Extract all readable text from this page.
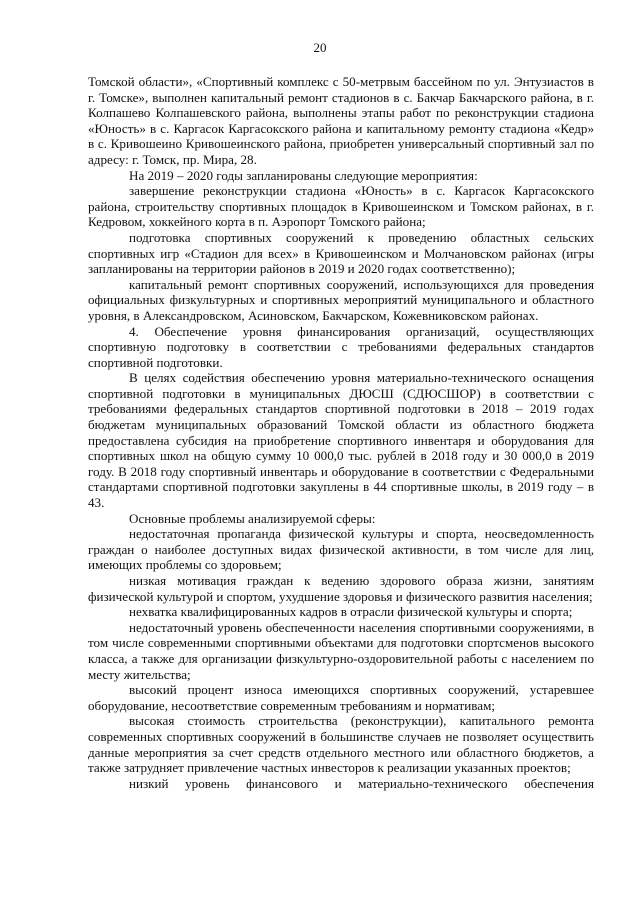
20

Томской области», «Спортивный комплекс с 50-метрвым бассейном по ул. Энтузиастов в г. Томске», выполнен капитальный ремонт стадионов в с. Бакчар Бакчарского района, в г. Колпашево Колпашевского района, выполнены этапы работ по реконструкции стадиона «Юность» в с. Каргасок Каргасокского района и капитальному ремонту стадиона «Кедр» в с. Кривошеино Кривошеинского района, приобретен универсальный спортивный зал по адресу: г. Томск, пр. Мира, 28.

На 2019 – 2020 годы запланированы следующие мероприятия:

завершение реконструкции стадиона «Юность» в с. Каргасок Каргасокского района, строительству спортивных площадок в Кривошеинском и Томском районах, в г. Кедровом, хоккейного корта в п. Аэропорт Томского района;

подготовка спортивных сооружений к проведению областных сельских спортивных игр «Стадион для всех» в Кривошеинском и Молчановском районах (игры запланированы на территории районов в 2019 и 2020 годах соответственно);

капитальный ремонт спортивных сооружений, использующихся для проведения официальных физкультурных и спортивных мероприятий муниципального и областного уровня, в Александровском, Асиновском, Бакчарском, Кожевниковском районах.

4. Обеспечение уровня финансирования организаций, осуществляющих спортивную подготовку в соответствии с требованиями федеральных стандартов спортивной подготовки.

В целях содействия обеспечению уровня материально-технического оснащения спортивной подготовки в муниципальных ДЮСШ (СДЮСШОР) в соответствии с требованиями федеральных стандартов спортивной подготовки в 2018 – 2019 годах бюджетам муниципальных образований Томской области из областного бюджета предоставлена субсидия на приобретение спортивного инвентаря и оборудования для спортивных школ на общую сумму 10 000,0 тыс. рублей в 2018 году и 30 000,0 в 2019 году. В 2018 году спортивный инвентарь и оборудование в соответствии с Федеральными стандартами спортивной подготовки закуплены в 44 спортивные школы, в 2019 году – в 43.

Основные проблемы анализируемой сферы:

недостаточная пропаганда физической культуры и спорта, неосведомленность граждан о наиболее доступных видах физической активности, в том числе для лиц, имеющих проблемы со здоровьем;

низкая мотивация граждан к ведению здорового образа жизни, занятиям физической культурой и спортом, ухудшение здоровья и физического развития населения;

нехватка квалифицированных кадров в отрасли физической культуры и спорта;

недостаточный уровень обеспеченности населения спортивными сооружениями, в том числе современными спортивными объектами для подготовки спортсменов высокого класса, а также для организации физкультурно-оздоровительной работы с населением по месту жительства;

высокий процент износа имеющихся спортивных сооружений, устаревшее оборудование, несоответствие современным требованиям и нормативам;

высокая стоимость строительства (реконструкции), капитального ремонта современных спортивных сооружений в большинстве случаев не позволяет осуществить данные мероприятия за счет средств отдельного местного или областного бюджетов, а также затрудняет привлечение частных инвесторов к реализации указанных проектов;

низкий уровень финансового и материально-технического обеспечения
